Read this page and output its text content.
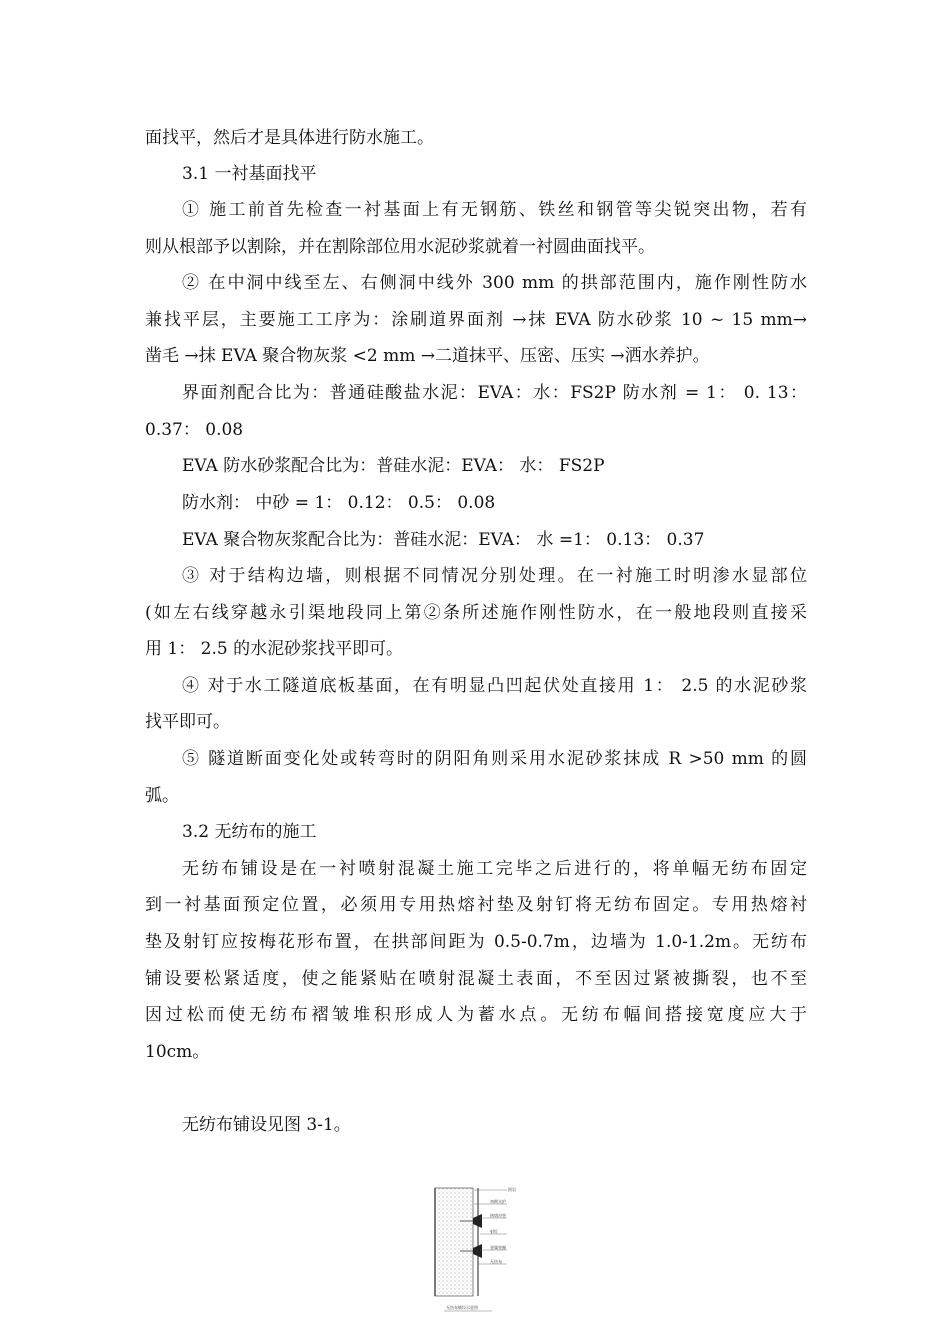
面找平，然后才是具体进行防水施工。
3.1 一衬基面找平
① 施工前首先检查一衬基面上有无钢筋、铁丝和钢管等尖锐突出物，若有
则从根部予以割除，并在割除部位用水泥砂浆就着一衬圆曲面找平。
② 在中洞中线至左、右侧洞中线外 300 mm 的拱部范围内，施作刚性防水
兼找平层，主要施工工序为：涂刷道界面剂 →抹 EVA 防水砂浆 10 ~ 15 mm→
凿毛 →抹 EVA 聚合物灰浆 <2 mm →二道抹平、压密、压实 →洒水养护。
界面剂配合比为：普通硅酸盐水泥：EVA：水：FS2P 防水剂 = 1： 0. 13：
0.37： 0.08
EVA 防水砂浆配合比为：普硅水泥：EVA： 水： FS2P
防水剂： 中砂 = 1： 0.12： 0.5： 0.08
EVA 聚合物灰浆配合比为：普硅水泥：EVA： 水 =1： 0.13： 0.37
③ 对于结构边墙，则根据不同情况分别处理。在一衬施工时明渗水显部位
(如左右线穿越永引渠地段同上第②条所述施作刚性防水，在一般地段则直接采
用 1： 2.5 的水泥砂浆找平即可。
④ 对于水工隧道底板基面，在有明显凸凹起伏处直接用 1： 2.5 的水泥砂浆
找平即可。
⑤ 隧道断面变化处或转弯时的阴阳角则采用水泥砂浆抹成 R >50 mm 的圆
弧。
3.2 无纺布的施工
无纺布铺设是在一衬喷射混凝土施工完毕之后进行的，将单幅无纺布固定
到一衬基面预定位置，必须用专用热熔衬垫及射钉将无纺布固定。专用热熔衬
垫及射钉应按梅花形布置，在拱部间距为 0.5-0.7m，边墙为 1.0-1.2m。无纺布
铺设要松紧适度，使之能紧贴在喷射混凝土表面，不至因过紧被撕裂，也不至
因过松而使无纺布褶皱堆积形成人为蓄水点。无纺布幅间搭接宽度应大于
10cm。
无纺布铺设见图 3-1。
围岩
初期支护
热熔衬垫
射钉
金属垫圈
无纺布
无纺布铺设示意图
